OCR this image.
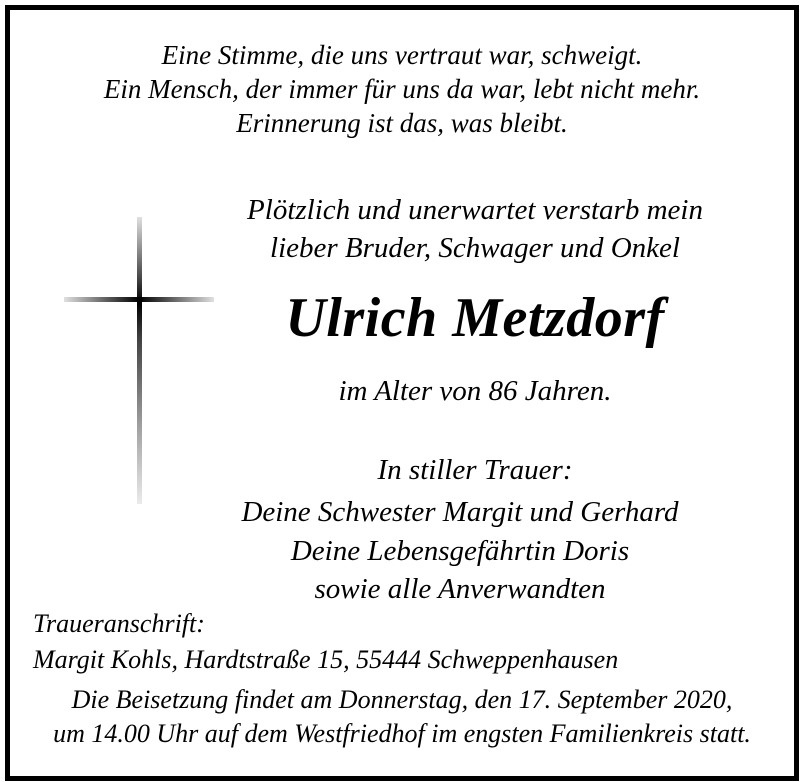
Eine Stimme, die uns vertraut war, schweigt.
Ein Mensch, der immer für uns da war, lebt nicht mehr.
Erinnerung ist das, was bleibt.
Plötzlich und unerwartet verstarb mein
lieber Bruder, Schwager und Onkel
Ulrich Metzdorf
im Alter von 86 Jahren.
In stiller Trauer:
Deine Schwester Margit und Gerhard
Deine Lebensgefährtin Doris
sowie alle Anverwandten
Traueranschrift:
Margit Kohls, Hardtstraße 15, 55444 Schweppenhausen
Die Beisetzung findet am Donnerstag, den 17. September 2020,
um 14.00 Uhr auf dem Westfriedhof im engsten Familienkreis statt.
